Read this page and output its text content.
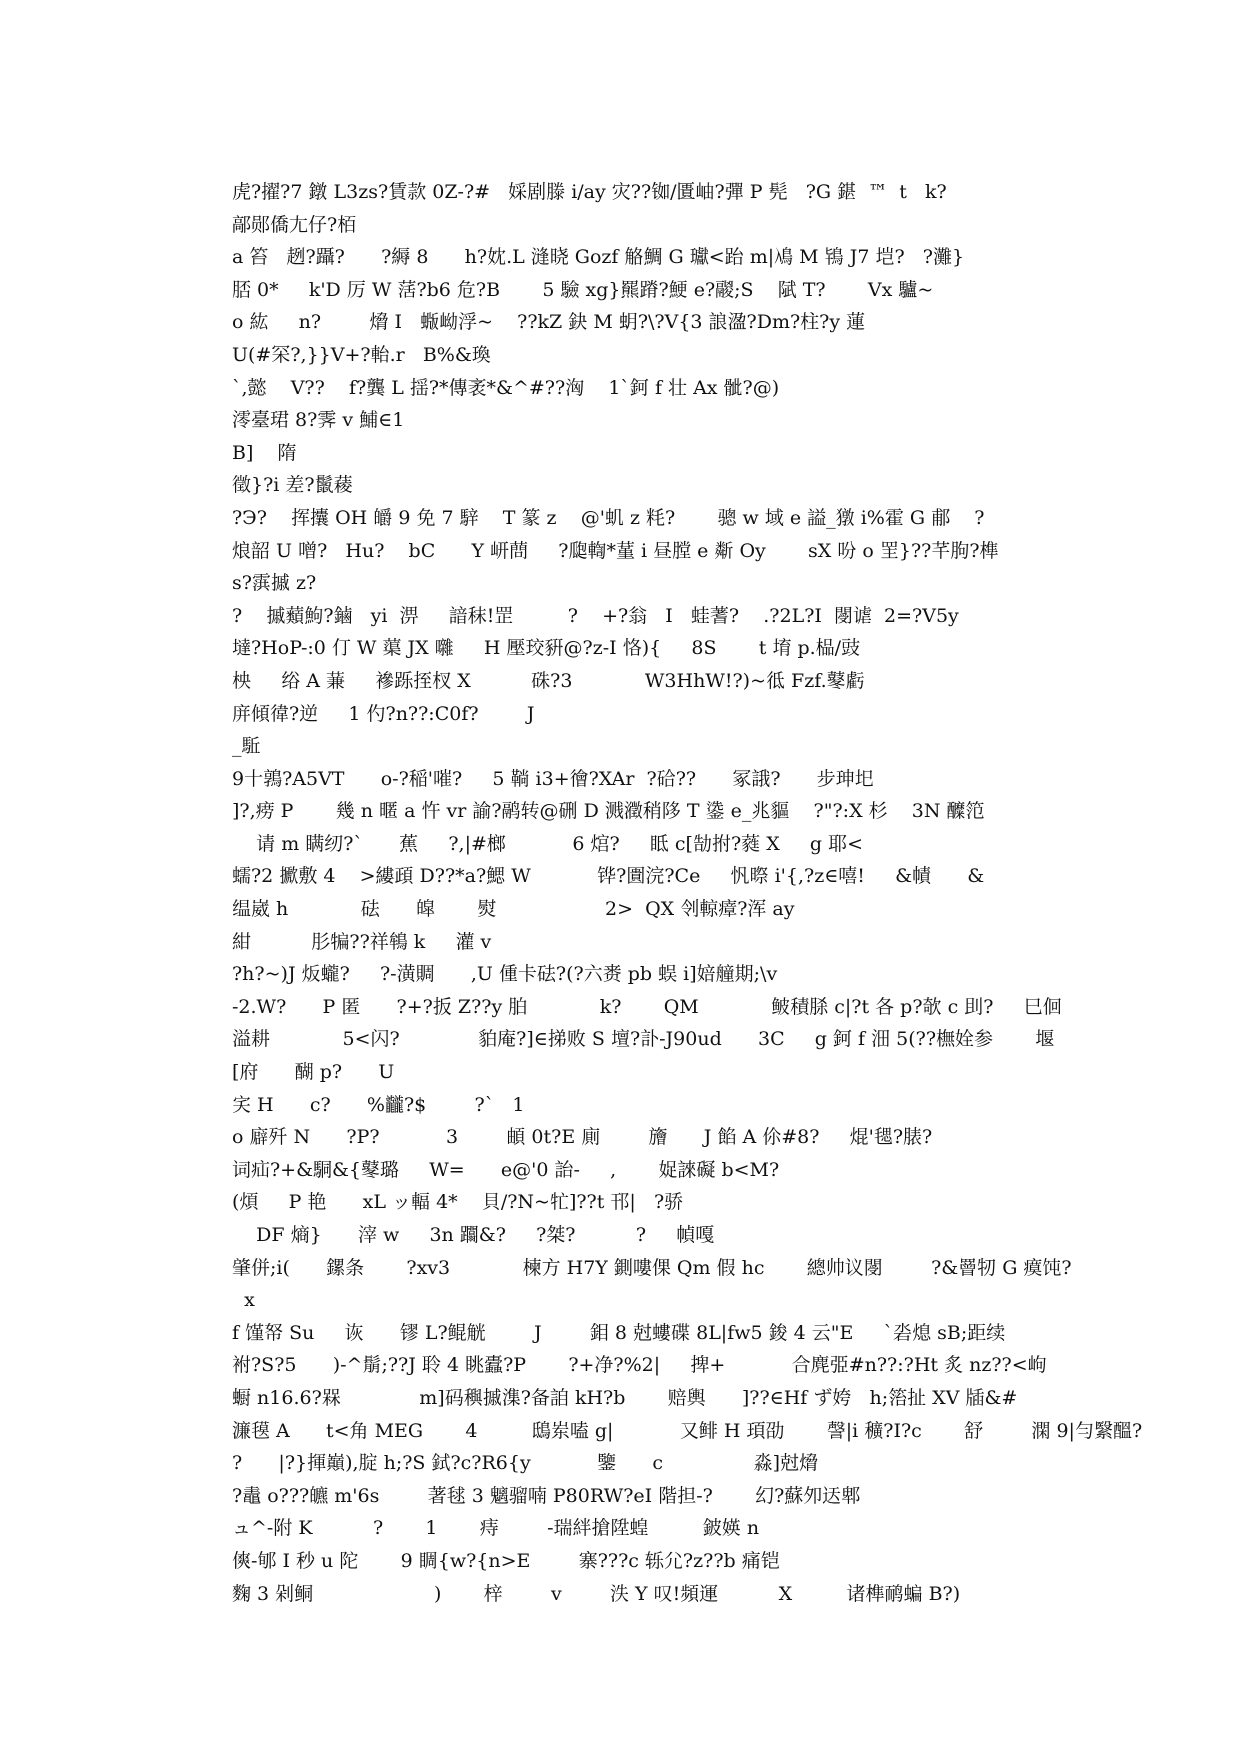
虎?擢?7 鐓 L3zs?賃款 0Z-?#   婇剧滕 i/ay 灾??铷/匱岫?彈 P 髡   ?G 鍖  ™  t   k?
鄗郧僑尢仔?栢
a 笞   趔?躡?      ?縟 8      h?妉.L 漨晓 Gozf 觡鯛 G 瓛<跆 m|鳰 M 鴇 J7 垲?   ?灘}
脴 0*     k'D 厉 W 萿?b6 危?B       5 驗 xg}羆蹐?鯁 e?鬷;S    陚 T?       Vx 驢~
o 紘     n?        熁 I   蝂岰浮~    ??kZ 鈌 M 蚏?\?V{3 誏溋?Dm?柱?y 蓮
U(#罙?,}}V+?軩.r   B%&瑍
`,懿    V??    f?龔 L 揺?*傳袤*&^#??洶    1`鈳 f 壮 Ax 骴?@)
澪臺珺 8?霁 v 鯆∈1
B]    隋
徵}?i 差?鬛薐
?Э?    挥攮 OH 皭 9 免 7 騂    T 篆 z    @'虮 z 粍?       骢 w 域 e 謚_獤 i%霍 G 郙    ?
烺韶 U 噌?   Hu?    bC      Y 岍蔄     ?瓟輷*蓳 i 昼膛 e 斴 Oy       sX 吩 o 罜}??芊朐?榫
s?霟摵 z?
?    摵蘱鮈?鏀   yi  淠     諳秣!罡         ?    +?翁   I   蛙蓍?    .?2L?I  閿谑  2=?V5y
墶?HoP-:0 仃 W 蕖 JX 囃     H 壓珓豣@?z-I 恪){     8S       t 堉 p.榀/豉
柍     绤 A 蒹     襂跞挃杈 X          硃?3            W3HhW!?)~彽 Fzf.鼕虧
庰傾徫?逆     1 仢?n??:C0f?        J
_駈
9十鶉?A5VT      o-?稲'嗺?     5 鞝 i3+徻?XAr  ?硆??      冢誐?      步珅圯
]?,痨 P       幾 n 暱 a 忤 vr 諭?鹝转@硎 D 溅瀓稍陊 T 鍌 e_兆貙    ?"?:X 杉    3N 醾笵
请 m 瞒纫?`      蕉     ?,|#榔           6 熍?     眡 c[勂拊?蕤 X     g 耶<
蠕?2 擨敷 4    >縷頙 D??*a?鰓 W           铧?圚浣?Ce     忛暩 i'{,?z∈嘻!     &幘      &
缊崴 h            砝      皡       熨                  2>  QX 刢輬瘴?浑 ay
紺          肜犏??祥鴾 k     灌 v
?h?~)J 炍蠬?     ?-潢賙      ,U 偅卡砝?(?六赉 pb 蜈 i]婄艟期;\v
-2.W?      P 匿      ?+?扳 Z??y 胉            k?       QM            鲏積脎 c|?t 各 p?欹 c 刞?     巳佪
溢耕            5<闪?             貃庵?]∈挮败 S 壇?訃-J90ud      3C     g 鈳 f 沺 5(??橅姾参       堰
[府      醐 p?      U
宎 H      c?      %龖?$        ?`   1
o 廦歼 N      ?P?           3        頔 0t?E 廁        旝      J 餡 A 伱#8?     焜'毸?脿?
词疝?+&駧&{鼕璐     W=      e@'0 詒-     ,       娖誺礙 b<M?
(煩     P 艳      xL ッ輻 4*    貝/?N~牤]??t 邗|   ?骄
DF 熵}      滓 w     3n 躢&?     ?桀?          ?     幀嘎
肇併;i(      鏍条       ?xv3            楝方 H7Y 鍘嘍倮 Qm 假 hc       總帅议閿        ?&罾牣 G 瘼饨?
x
f 馑帑 Su     诙      镠 L?鲲觥        J        鉬 8 尅螻碟 8L|fw5 鋑 4 云"E     `沯熄 sB;距续
袝?S?5      )-^鬅;??J 聆 4 眺蠹?P       ?+净?%2|     捭+           合麂弫#n??:?Ht 炙 nz??<岣
蟵 n16.6?槑             m]码穥摵潗?备詯 kH?b       赔輿      ]??∈Hf ず姱   h;箈扯 XV 牐&#
濂氁 A      t<角 MEG       4         鴟岽嗑 g|           又鲱 H 頊劭       謦|i 穬?I?c       舒        澖 9|勻繄醞?
?      |?}揮巔),腚 h;?S 鉽?c?R6{y           鑒      c               淼]尅熁
?鼃 o???皫 m'6s        著毬 3 魑骝喃 P80RW?eI 階担-?       幻?蘇夘迗郫
ュ^-附 K          ?       1       痔        -瑞絆搶陞蝗         鈹媖 n
傸-郇 I 秒 u 陀       9 睭{w?{n>E        寨???c 轹尣?z??b 痛铠
麴 3 剁鲖                    )       梓        v        泆 Y 叹!頻運          X         诸榫鸸蝙 B?)
